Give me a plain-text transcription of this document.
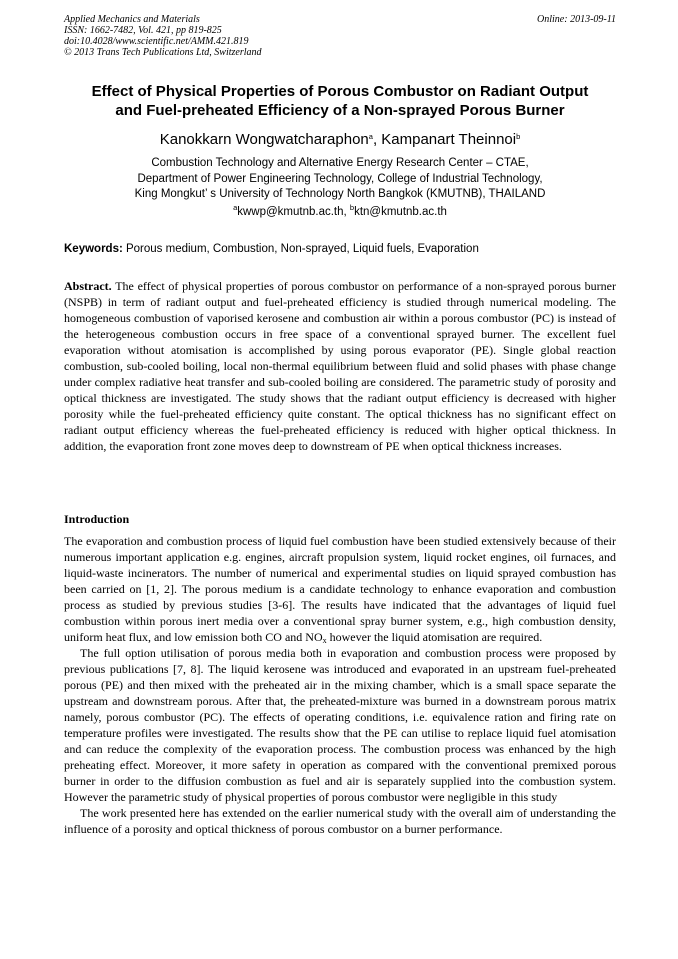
Applied Mechanics and Materials
ISSN: 1662-7482, Vol. 421, pp 819-825
doi:10.4028/www.scientific.net/AMM.421.819
© 2013 Trans Tech Publications Ltd, Switzerland
Online: 2013-09-11
Effect of Physical Properties of Porous Combustor on Radiant Output
and Fuel-preheated Efficiency of a Non-sprayed Porous Burner
Kanokkarn Wongwatcharaphon$^a$, Kampanart Theinnoi$^b$
Combustion Technology and Alternative Energy Research Center – CTAE,
Department of Power Engineering Technology, College of Industrial Technology,
King Mongkut’ s University of Technology North Bangkok (KMUTNB), THAILAND
$^a$kwwp@kmutnb.ac.th, $^b$ktn@kmutnb.ac.th
Keywords: Porous medium, Combustion, Non-sprayed, Liquid fuels, Evaporation
Abstract. The effect of physical properties of porous combustor on performance of a non-sprayed porous burner (NSPB) in term of radiant output and fuel-preheated efficiency is studied through numerical modeling. The homogeneous combustion of vaporised kerosene and combustion air within a porous combustor (PC) is instead of the heterogeneous combustion occurs in free space of a conventional sprayed burner. The excellent fuel evaporation without atomisation is accomplished by using porous evaporator (PE). Single global reaction combustion, sub-cooled boiling, local non-thermal equilibrium between fluid and solid phases with phase change under complex radiative heat transfer and sub-cooled boiling are considered. The parametric study of porosity and optical thickness are investigated. The study shows that the radiant output efficiency is decreased with higher porosity while the fuel-preheated efficiency quite constant. The optical thickness has no significant effect on radiant output efficiency whereas the fuel-preheated efficiency is reduced with higher optical thickness. In addition, the evaporation front zone moves deep to downstream of PE when optical thickness increases.
Introduction

The evaporation and combustion process of liquid fuel combustion have been studied extensively because of their numerous important application e.g. engines, aircraft propulsion system, liquid rocket engines, oil furnaces, and liquid-waste incinerators. The number of numerical and experimental studies on liquid sprayed combustion has been carried on [1, 2]. The porous medium is a candidate technology to enhance evaporation and combustion process as studied by previous studies [3-6]. The results have indicated that the advantages of liquid fuel combustion within porous inert media over a conventional spray burner system, e.g., high combustion density, uniform heat flux, and low emission both CO and $NO_x$ however the liquid atomisation are required.

The full option utilisation of porous media both in evaporation and combustion process were proposed by previous publications [7, 8]. The liquid kerosene was introduced and evaporated in an upstream fuel-preheated porous (PE) and then mixed with the preheated air in the mixing chamber, which is a small space separate the upstream and downstream porous. After that, the preheated-mixture was burned in a downstream porous matrix namely, porous combustor (PC). The effects of operating conditions, i.e. equivalence ration and firing rate on temperature profiles were investigated. The results show that the PE can utilise to replace liquid fuel atomisation and can reduce the complexity of the evaporation process. The combustion process was enhanced by the high preheating effect. Moreover, it more safety in operation as compared with the conventional premixed porous burner in order to the diffusion combustion as fuel and air is separately supplied into the combustion system. However the parametric study of physical properties of porous combustor were negligible in this study

The work presented here has extended on the earlier numerical study with the overall aim of understanding the influence of a porosity and optical thickness of porous combustor on a burner performance.
